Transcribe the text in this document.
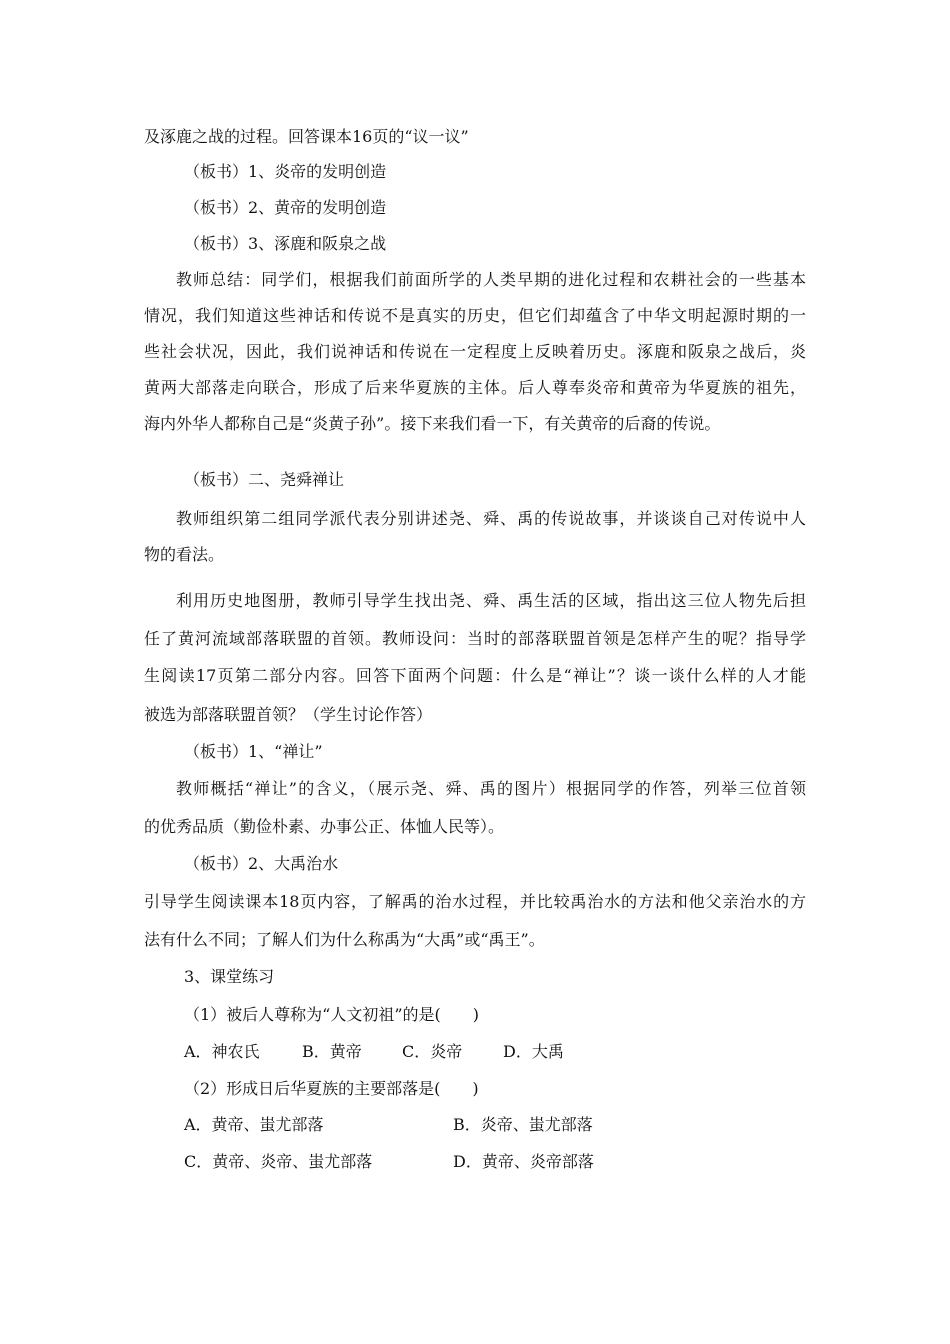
及涿鹿之战的过程。回答课本16页的“议一议”
（板书）1、炎帝的发明创造
（板书）2、黄帝的发明创造
（板书）3、涿鹿和阪泉之战
教师总结：同学们，根据我们前面所学的人类早期的进化过程和农耕社会的一些基本
情况，我们知道这些神话和传说不是真实的历史，但它们却蕴含了中华文明起源时期的一
些社会状况，因此，我们说神话和传说在一定程度上反映着历史。涿鹿和阪泉之战后，炎
黄两大部落走向联合，形成了后来华夏族的主体。后人尊奉炎帝和黄帝为华夏族的祖先，
海内外华人都称自己是“炎黄子孙”。接下来我们看一下，有关黄帝的后裔的传说。
（板书）二、尧舜禅让
教师组织第二组同学派代表分别讲述尧、舜、禹的传说故事，并谈谈自己对传说中人
物的看法。
利用历史地图册，教师引导学生找出尧、舜、禹生活的区域，指出这三位人物先后担
任了黄河流域部落联盟的首领。教师设问：当时的部落联盟首领是怎样产生的呢？指导学
生阅读17页第二部分内容。回答下面两个问题：什么是“禅让”？谈一谈什么样的人才能
被选为部落联盟首领？（学生讨论作答）
（板书）1、“禅让”
教师概括“禅让”的含义，（展示尧、舜、禹的图片）根据同学的作答，列举三位首领
的优秀品质（勤俭朴素、办事公正、体恤人民等）。
（板书）2、大禹治水
引导学生阅读课本18页内容，了解禹的治水过程，并比较禹治水的方法和他父亲治水的方
法有什么不同；了解人们为什么称禹为“大禹”或“禹王”。
3、课堂练习
（1）被后人尊称为“人文初祖”的是(　　)
A．神农氏	B．黄帝	C．炎帝	D．大禹
（2）形成日后华夏族的主要部落是(　　)
A．黄帝、蚩尤部落	B．炎帝、蚩尤部落
C．黄帝、炎帝、蚩尤部落	D．黄帝、炎帝部落
